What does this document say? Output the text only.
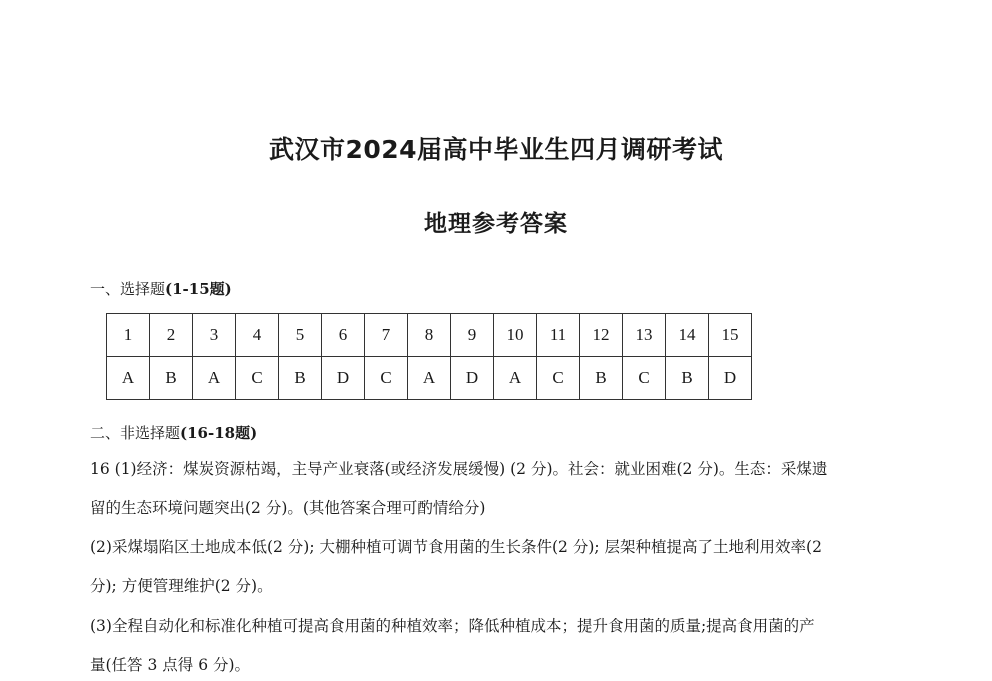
武汉市2024届高中毕业生四月调研考试
地理参考答案
一、选择题(1-15题)
1	2	3	4	5	6	7	8	9	10	11	12	13	14	15
A	B	A	C	B	D	C	A	D	A	C	B	C	B	D
二、非选择题(16-18题)
16 (1)经济：煤炭资源枯竭，主导产业衰落(或经济发展缓慢) (2 分)。社会：就业困难(2 分)。生态：采煤遗
留的生态环境问题突出(2 分)。(其他答案合理可酌情给分)
(2)采煤塌陷区土地成本低(2 分); 大棚种植可调节食用菌的生长条件(2 分); 层架种植提高了土地利用效率(2
分); 方便管理维护(2 分)。
(3)全程自动化和标准化种植可提高食用菌的种植效率；降低种植成本；提升食用菌的质量;提高食用菌的产
量(任答 3 点得 6 分)。
